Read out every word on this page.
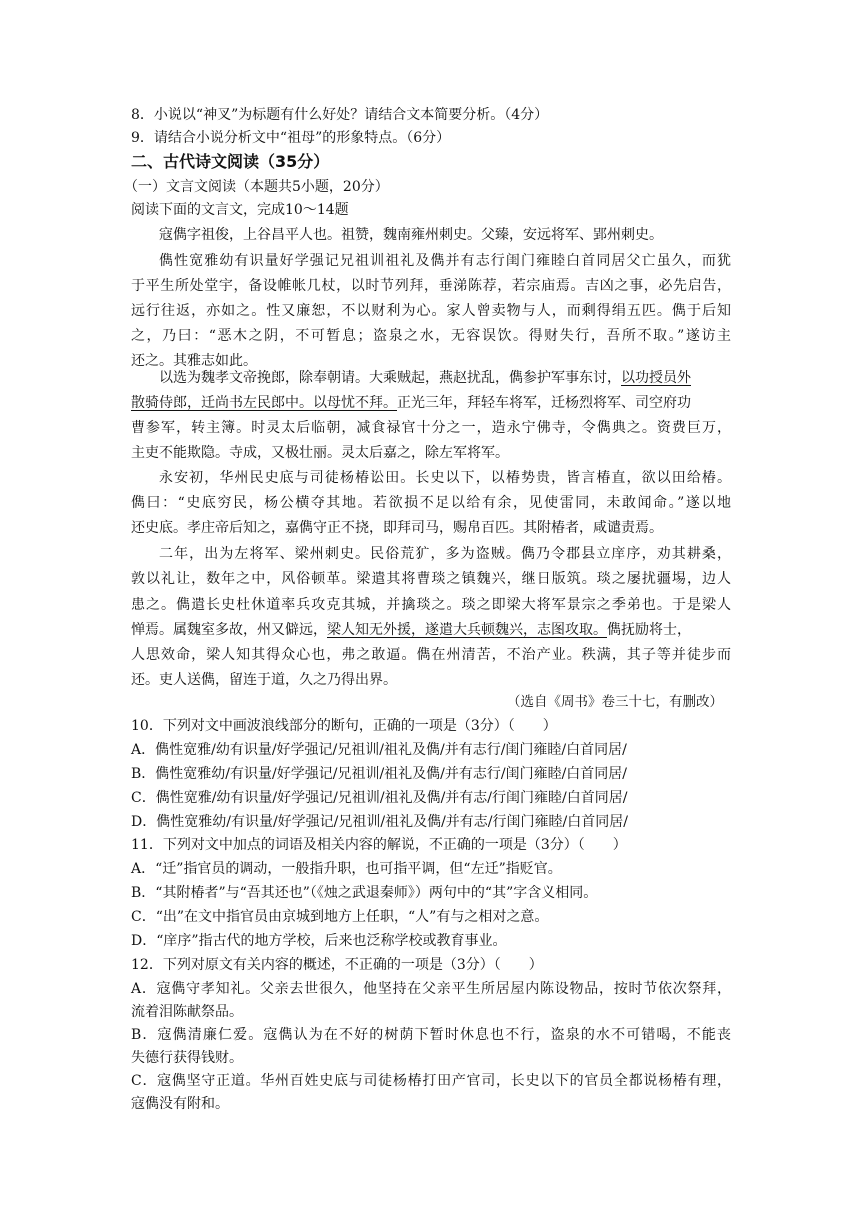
8．小说以“神叉”为标题有什么好处？请结合文本简要分析。（4分）
9．请结合小说分析文中“祖母”的形象特点。（6分）
二、古代诗文阅读（35分）
（一）文言文阅读（本题共5小题，20分）
阅读下面的文言文，完成10～14题
寇儁字祖俊，上谷昌平人也。祖赞，魏南雍州刺史。父臻，安远将军、郢州刺史。
儁性宽雅幼有识量好学强记兄祖训祖礼及儁并有志行闺门雍睦白首同居父亡虽久，而犹
于平生所处堂宇，备设帷帐几杖，以时节列拜，垂涕陈荐，若宗庙焉。吉凶之事，必先启告，
远行往返，亦如之。性又廉恕，不以财利为心。家人曾卖物与人，而剩得绢五匹。儁于后知
之，乃曰：“恶木之阴，不可暂息；盗泉之水，无容误饮。得财失行，吾所不取。”遂访主
还之。其雅志如此。
以选为魏孝文帝挽郎，除奉朝请。大乘贼起，燕赵扰乱，儁参护军事东讨，以功授员外
散骑侍郎，迁尚书左民郎中。以母忧不拜。正光三年，拜轻车将军，迁杨烈将军、司空府功
曹参军，转主簿。时灵太后临朝，减食禄官十分之一，造永宁佛寺，令儁典之。资费巨万，
主吏不能欺隐。寺成，又极壮丽。灵太后嘉之，除左军将军。
永安初，华州民史底与司徒杨椿讼田。长史以下，以椿势贵，皆言椿直，欲以田给椿。
儁曰：“史底穷民，杨公横夺其地。若欲损不足以给有余，见使雷同，未敢闻命。”遂以地
还史底。孝庄帝后知之，嘉儁守正不挠，即拜司马，赐帛百匹。其附椿者，咸谴责焉。
二年，出为左将军、梁州刺史。民俗荒犷，多为盗贼。儁乃令郡县立庠序，劝其耕桑，
敦以礼让，数年之中，风俗顿革。梁遣其将曹琰之镇魏兴，继日版筑。琰之屡扰疆埸，边人
患之。儁遣长史杜休道率兵攻克其城，并擒琰之。琰之即梁大将军景宗之季弟也。于是梁人
惮焉。属魏室多故，州又僻远，梁人知无外援，遂遣大兵顿魏兴，志图攻取。儁抚励将士，
人思效命，梁人知其得众心也，弗之敢逼。儁在州清苦，不治产业。秩满，其子等并徒步而
还。吏人送儁，留连于道，久之乃得出界。
（选自《周书》卷三十七，有删改）
10．下列对文中画波浪线部分的断句，正确的一项是（3分）（　　）
A．儁性宽雅/幼有识量/好学强记/兄祖训/祖礼及儁/并有志行/闺门雍睦/白首同居/
B．儁性宽雅幼/有识量/好学强记/兄祖训/祖礼及儁/并有志行/闺门雍睦/白首同居/
C．儁性宽雅/幼有识量/好学强记/兄祖训/祖礼及儁/并有志/行闺门雍睦/白首同居/
D．儁性宽雅幼/有识量/好学强记/兄祖训/祖礼及儁/并有志/行闺门雍睦/白首同居/
11．下列对文中加点的词语及相关内容的解说，不正确的一项是（3分）（　　）
A．“迁”指官员的调动，一般指升职，也可指平调，但“左迁”指贬官。
B．“其附椿者”与“吾其还也”（《烛之武退秦师》）两句中的“其”字含义相同。
C．“出”在文中指官员由京城到地方上任职，“人”有与之相对之意。
D．“庠序”指古代的地方学校，后来也泛称学校或教育事业。
12．下列对原文有关内容的概述，不正确的一项是（3分）（　　）
A．寇儁守孝知礼。父亲去世很久，他坚持在父亲平生所居屋内陈设物品，按时节依次祭拜，
流着泪陈献祭品。
B．寇儁清廉仁爱。寇儁认为在不好的树荫下暂时休息也不行，盗泉的水不可错喝，不能丧
失德行获得钱财。
C．寇儁坚守正道。华州百姓史底与司徒杨椿打田产官司，长史以下的官员全都说杨椿有理，
寇儁没有附和。
